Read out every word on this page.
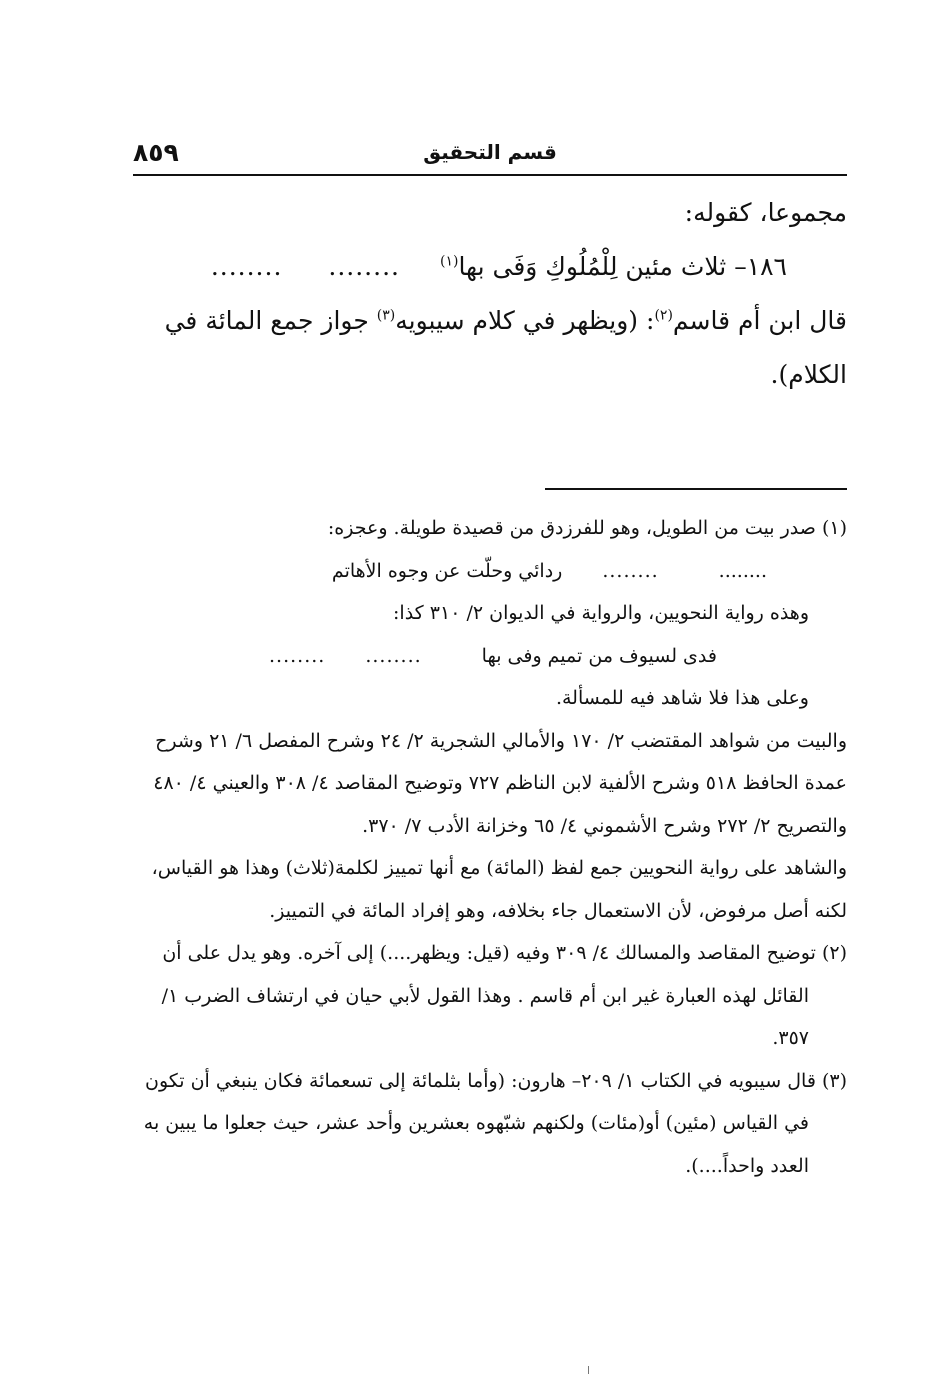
٨٥٩	قسم التحقيق

مجموعا، كقوله:

١٨٦– ثلاث مئين لِلْمُلُوكِ وَفَى بها$^{(١)}$
........
........

قال ابن أم قاسم$^{(٢)}$: (ويظهر في كلام سيبويه$^{(٣)}$ جواز جمع المائة في الكلام).

(١) صدر بيت من الطويل، وهو للفرزدق من قصيدة طويلة. وعجزه:

........
........
ردائي وحلّت عن وجوه الأهاتم

وهذه رواية النحويين، والرواية في الديوان ٢/ ٣١٠ كذا:

فدى لسيوف من تميم وفى بها
........
........

وعلى هذا فلا شاهد فيه للمسألة.

والبيت من شواهد المقتضب ٢/ ١٧٠ والأمالي الشجرية ٢/ ٢٤ وشرح المفصل ٦/ ٢١ وشرح عمدة الحافظ ٥١٨ وشرح الألفية لابن الناظم ٧٢٧ وتوضيح المقاصد ٤/ ٣٠٨ والعيني ٤/ ٤٨٠ والتصريح ٢/ ٢٧٢ وشرح الأشموني ٤/ ٦٥ وخزانة الأدب ٧/ ٣٧٠.

والشاهد على رواية النحويين جمع لفظ (المائة) مع أنها تمييز لكلمة(ثلاث) وهذا هو القياس، لكنه أصل مرفوض، لأن الاستعمال جاء بخلافه، وهو إفراد المائة في التمييز.

(٢) توضيح المقاصد والمسالك ٤/ ٣٠٩ وفيه (قيل: ويظهر....) إلى آخره. وهو يدل على أن القائل لهذه العبارة غير ابن أم قاسم . وهذا القول لأبي حيان في ارتشاف الضرب ١/ ٣٥٧.

(٣) قال سيبويه في الكتاب ١/ ٢٠٩– هارون: (وأما بثلمائة إلى تسعمائة فكان ينبغي أن تكون في القياس (مئين) أو(مئات) ولكنهم شبّهوه بعشرين وأحد عشر، حيث جعلوا ما يبين به العدد واحداً....).
